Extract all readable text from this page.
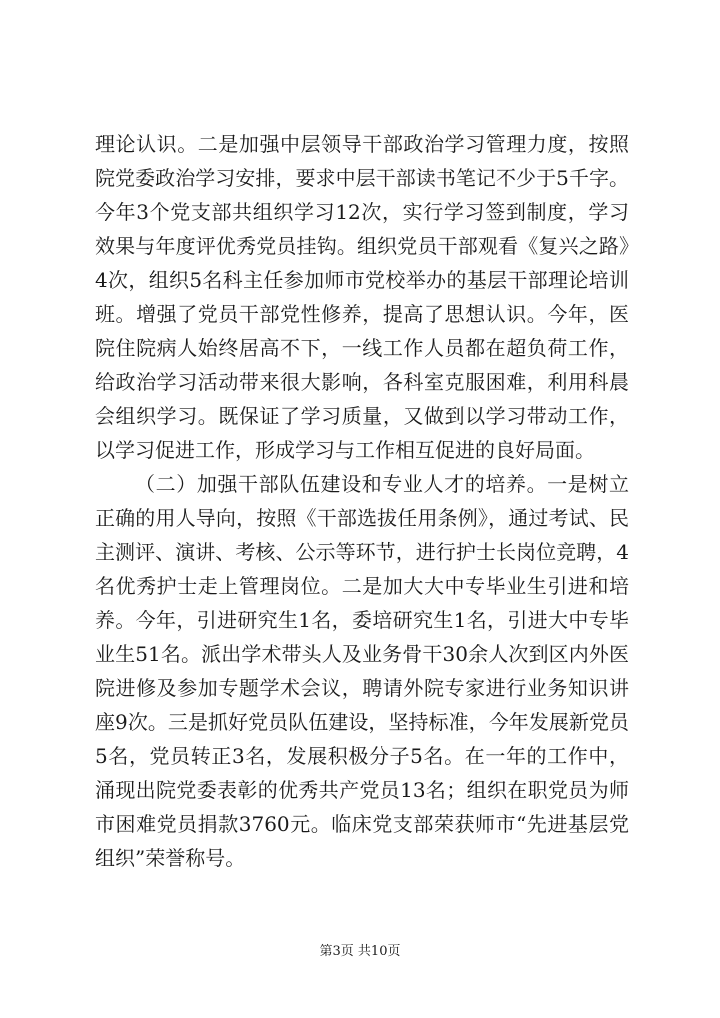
理论认识。二是加强中层领导干部政治学习管理力度，按照院党委政治学习安排，要求中层干部读书笔记不少于5千字。今年3个党支部共组织学习12次，实行学习签到制度，学习效果与年度评优秀党员挂钩。组织党员干部观看《复兴之路》4次，组织5名科主任参加师市党校举办的基层干部理论培训班。增强了党员干部党性修养，提高了思想认识。今年，医院住院病人始终居高不下，一线工作人员都在超负荷工作，给政治学习活动带来很大影响，各科室克服困难，利用科晨会组织学习。既保证了学习质量，又做到以学习带动工作，以学习促进工作，形成学习与工作相互促进的良好局面。

（二）加强干部队伍建设和专业人才的培养。一是树立正确的用人导向，按照《干部选拔任用条例》，通过考试、民主测评、演讲、考核、公示等环节，进行护士长岗位竞聘，4名优秀护士走上管理岗位。二是加大大中专毕业生引进和培养。今年，引进研究生1名，委培研究生1名，引进大中专毕业生51名。派出学术带头人及业务骨干30余人次到区内外医院进修及参加专题学术会议，聘请外院专家进行业务知识讲座9次。三是抓好党员队伍建设，坚持标准，今年发展新党员5名，党员转正3名，发展积极分子5名。在一年的工作中，涌现出院党委表彰的优秀共产党员13名；组织在职党员为师市困难党员捐款3760元。临床党支部荣获师市“先进基层党组织”荣誉称号。

第3页 共10页
